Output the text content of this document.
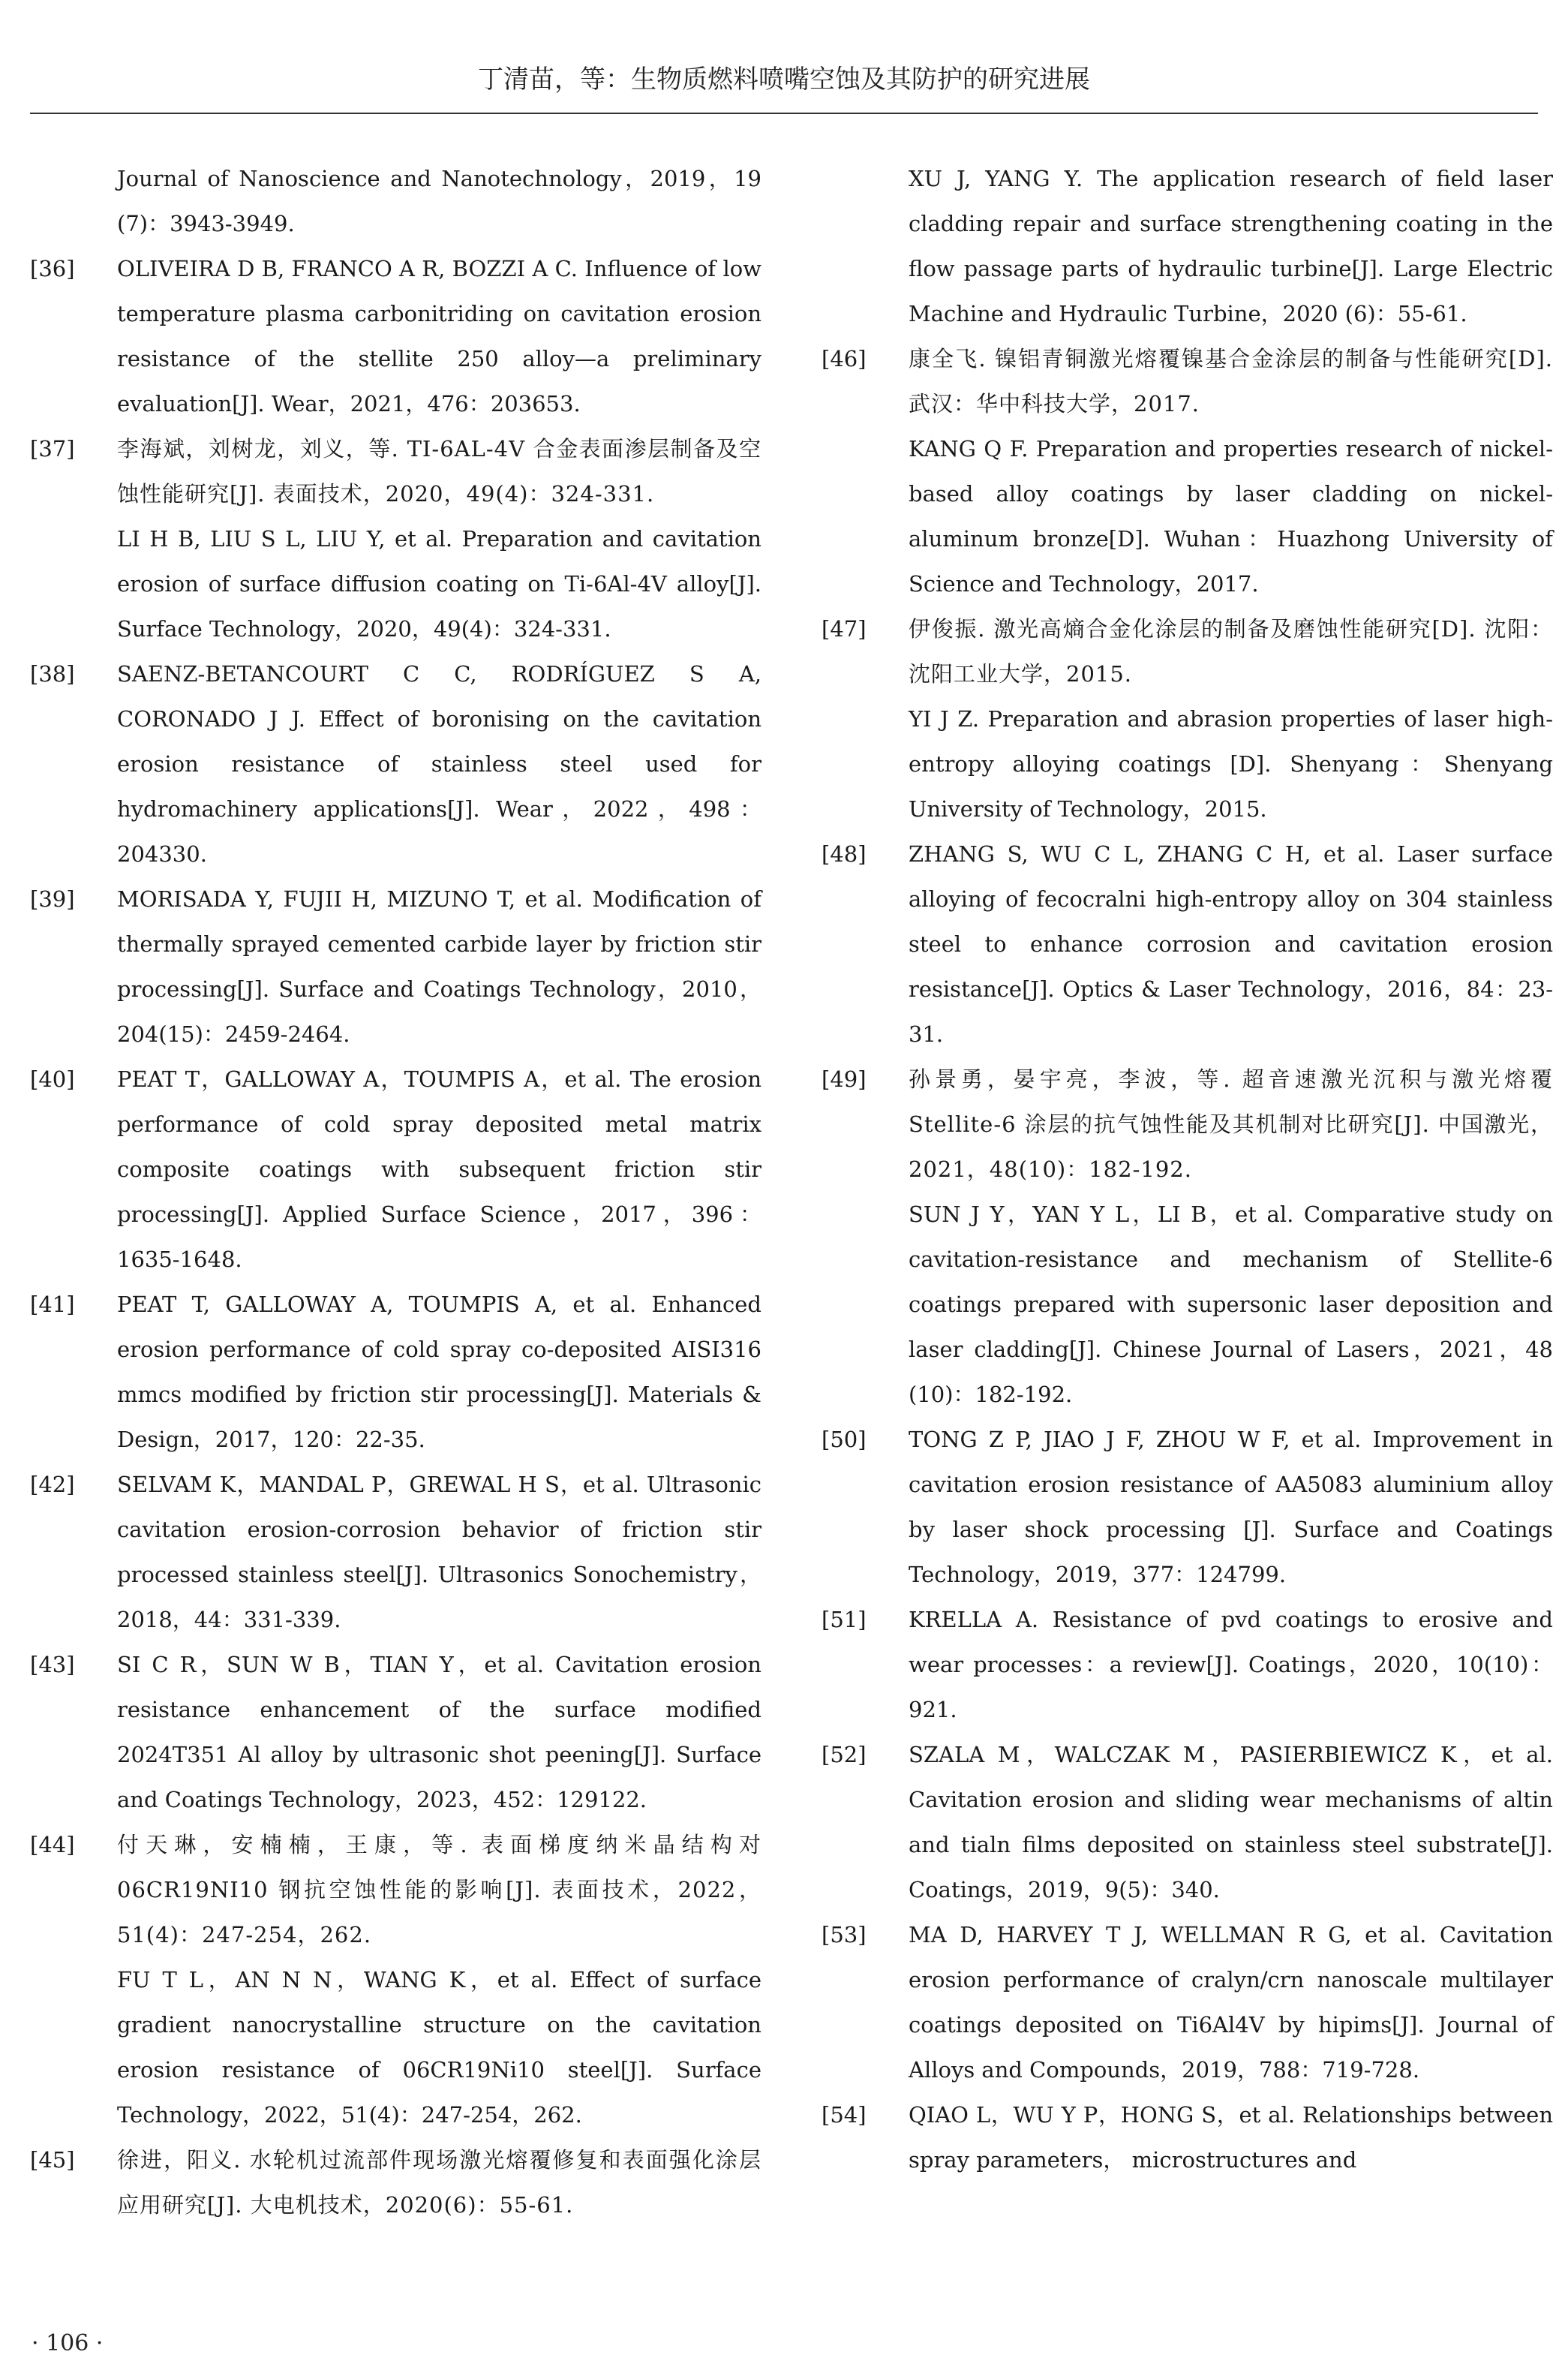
丁清苗，等：生物质燃料喷嘴空蚀及其防护的研究进展
Journal of Nanoscience and Nanotechnology，2019，19 (7)：3943-3949.
[36]	OLIVEIRA D B, FRANCO A R, BOZZI A C. Influence of low temperature plasma carbonitriding on cavitation erosion resistance of the stellite 250 alloy—a preliminary evaluation[J]. Wear，2021，476：203653.
[37]	李海斌，刘树龙，刘义，等. TI-6AL-4V 合金表面渗层制备及空蚀性能研究[J]. 表面技术，2020，49(4)：324-331.
LI H B, LIU S L, LIU Y, et al. Preparation and cavitation erosion of surface diffusion coating on Ti-6Al-4V alloy[J]. Surface Technology，2020，49(4)：324-331.
[38]	SAENZ-BETANCOURT C C, RODRÍGUEZ S A, CORONADO J J. Effect of boronising on the cavitation erosion resistance of stainless steel used for hydromachinery applications[J]. Wear，2022，498：204330.
[39]	MORISADA Y, FUJII H, MIZUNO T, et al. Modification of thermally sprayed cemented carbide layer by friction stir processing[J]. Surface and Coatings Technology，2010，204(15)：2459-2464.
[40]	PEAT T，GALLOWAY A，TOUMPIS A，et al. The erosion performance of cold spray deposited metal matrix composite coatings with subsequent friction stir processing[J]. Applied Surface Science，2017，396：1635-1648.
[41]	PEAT T, GALLOWAY A, TOUMPIS A, et al. Enhanced erosion performance of cold spray co-deposited AISI316 mmcs modified by friction stir processing[J]. Materials & Design，2017，120：22-35.
[42]	SELVAM K，MANDAL P，GREWAL H S，et al. Ultrasonic cavitation erosion-corrosion behavior of friction stir processed stainless steel[J]. Ultrasonics Sonochemistry，2018，44：331-339.
[43]	SI C R，SUN W B，TIAN Y，et al. Cavitation erosion resistance enhancement of the surface modified 2024T351 Al alloy by ultrasonic shot peening[J]. Surface and Coatings Technology，2023，452：129122.
[44]	付天琳，安楠楠，王康，等. 表面梯度纳米晶结构对06CR19NI10 钢抗空蚀性能的影响[J]. 表面技术，2022，51(4)：247-254，262.
FU T L，AN N N，WANG K，et al. Effect of surface gradient nanocrystalline structure on the cavitation erosion resistance of 06CR19Ni10 steel[J]. Surface Technology，2022，51(4)：247-254，262.
[45]	徐进，阳义. 水轮机过流部件现场激光熔覆修复和表面强化涂层应用研究[J]. 大电机技术，2020(6)：55-61.
XU J, YANG Y. The application research of field laser cladding repair and surface strengthening coating in the flow passage parts of hydraulic turbine[J]. Large Electric Machine and Hydraulic Turbine，2020 (6)：55-61.
[46]	康全飞. 镍铝青铜激光熔覆镍基合金涂层的制备与性能研究[D]. 武汉：华中科技大学，2017.
KANG Q F. Preparation and properties research of nickel-based alloy coatings by laser cladding on nickel-aluminum bronze[D]. Wuhan：Huazhong University of Science and Technology，2017.
[47]	伊俊振. 激光高熵合金化涂层的制备及磨蚀性能研究[D]. 沈阳：沈阳工业大学，2015.
YI J Z. Preparation and abrasion properties of laser high-entropy alloying coatings [D]. Shenyang：Shenyang University of Technology，2015.
[48]	ZHANG S, WU C L, ZHANG C H, et al. Laser surface alloying of fecocralni high-entropy alloy on 304 stainless steel to enhance corrosion and cavitation erosion resistance[J]. Optics & Laser Technology，2016，84：23-31.
[49]	孙景勇，晏宇亮，李波，等. 超音速激光沉积与激光熔覆 Stellite-6 涂层的抗气蚀性能及其机制对比研究[J]. 中国激光，2021，48(10)：182-192.
SUN J Y，YAN Y L，LI B，et al. Comparative study on cavitation-resistance and mechanism of Stellite-6 coatings prepared with supersonic laser deposition and laser cladding[J]. Chinese Journal of Lasers，2021，48 (10)：182-192.
[50]	TONG Z P, JIAO J F, ZHOU W F, et al. Improvement in cavitation erosion resistance of AA5083 aluminium alloy by laser shock processing [J]. Surface and Coatings Technology，2019，377：124799.
[51]	KRELLA A. Resistance of pvd coatings to erosive and wear processes：a review[J]. Coatings，2020，10(10)：921.
[52]	SZALA M，WALCZAK M，PASIERBIEWICZ K，et al. Cavitation erosion and sliding wear mechanisms of altin and tialn films deposited on stainless steel substrate[J]. Coatings，2019，9(5)：340.
[53]	MA D, HARVEY T J, WELLMAN R G, et al. Cavitation erosion performance of cralyn/crn nanoscale multilayer coatings deposited on Ti6Al4V by hipims[J]. Journal of Alloys and Compounds，2019，788：719-728.
[54]	QIAO L，WU Y P，HONG S，et al. Relationships between spray parameters， microstructures and
· 106 ·
